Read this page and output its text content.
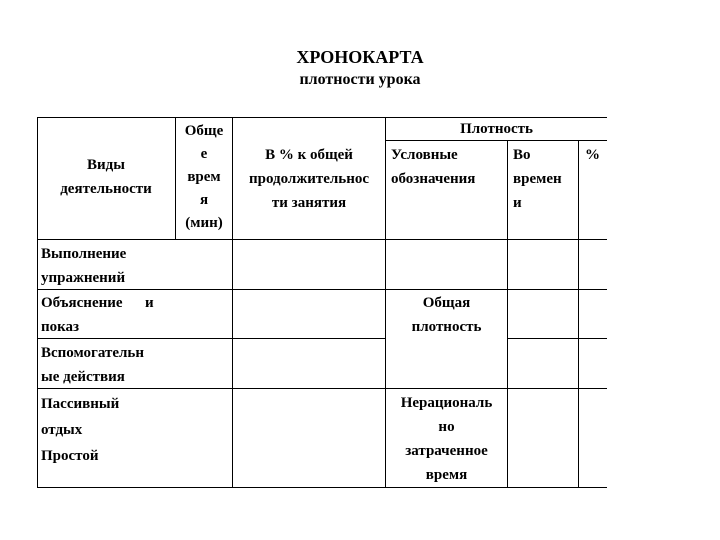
ХРОНОКАРТА
плотности урока
Виды
деятельности
Обще
е
врем
я
(мин)
В % к общей
продолжительнос
ти занятия
Плотность
Условные
обозначения
Во
времен
и
%
Выполнение
упражнений
Объяснение      и
показ
Вспомогательн
ые действия
Пассивный
отдых
Простой
Общая
плотность
Нерациональ
но
затраченное
время
